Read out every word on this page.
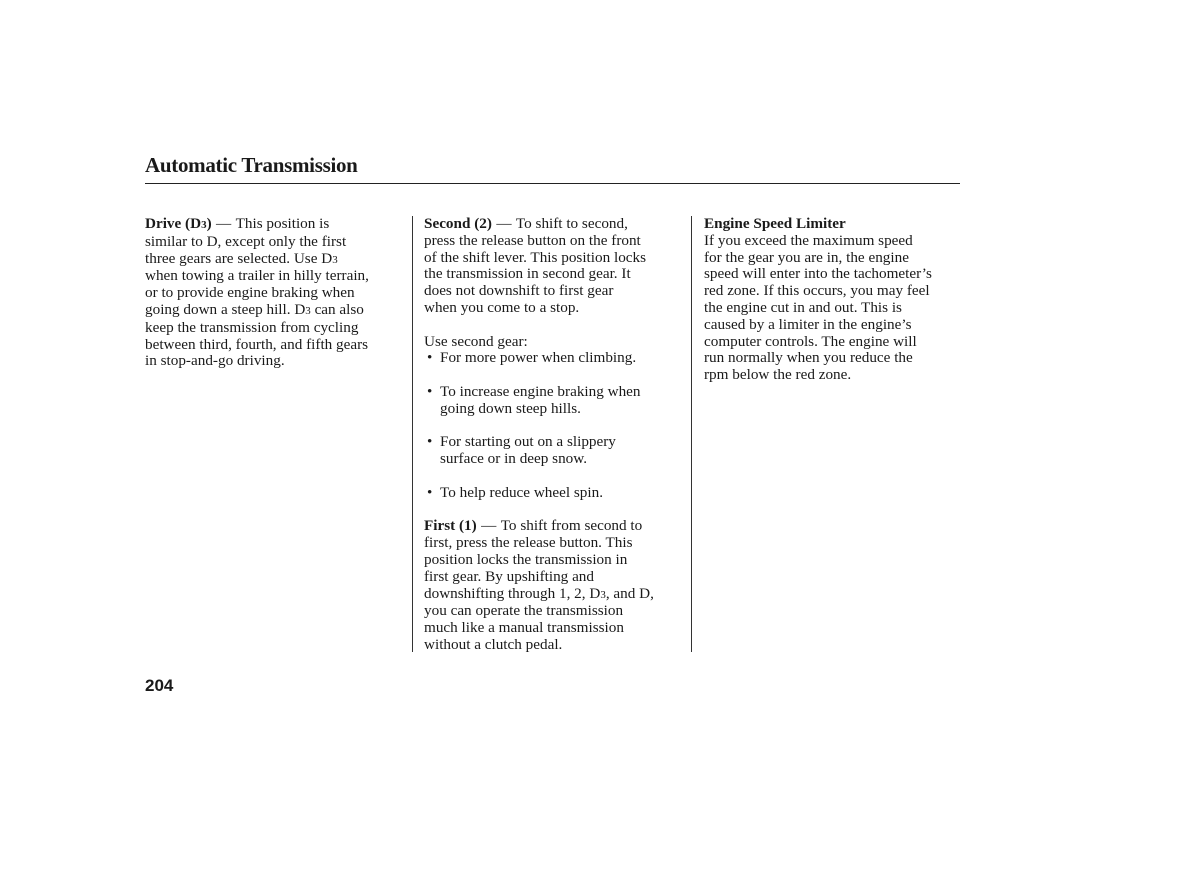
Automatic Transmission
Drive (D3) — This position is
similar to D, except only the first
three gears are selected. Use D3
when towing a trailer in hilly terrain,
or to provide engine braking when
going down a steep hill. D3 can also
keep the transmission from cycling
between third, fourth, and fifth gears
in stop-and-go driving.
Second (2) — To shift to second,
press the release button on the front
of the shift lever. This position locks
the transmission in second gear. It
does not downshift to first gear
when you come to a stop.
Use second gear:
• For more power when climbing.
• To increase engine braking when
going down steep hills.
• For starting out on a slippery
surface or in deep snow.
• To help reduce wheel spin.
First (1) — To shift from second to
first, press the release button. This
position locks the transmission in
first gear. By upshifting and
downshifting through 1, 2, D3, and D,
you can operate the transmission
much like a manual transmission
without a clutch pedal.
Engine Speed Limiter
If you exceed the maximum speed
for the gear you are in, the engine
speed will enter into the tachometer’s
red zone. If this occurs, you may feel
the engine cut in and out. This is
caused by a limiter in the engine’s
computer controls. The engine will
run normally when you reduce the
rpm below the red zone.
204
